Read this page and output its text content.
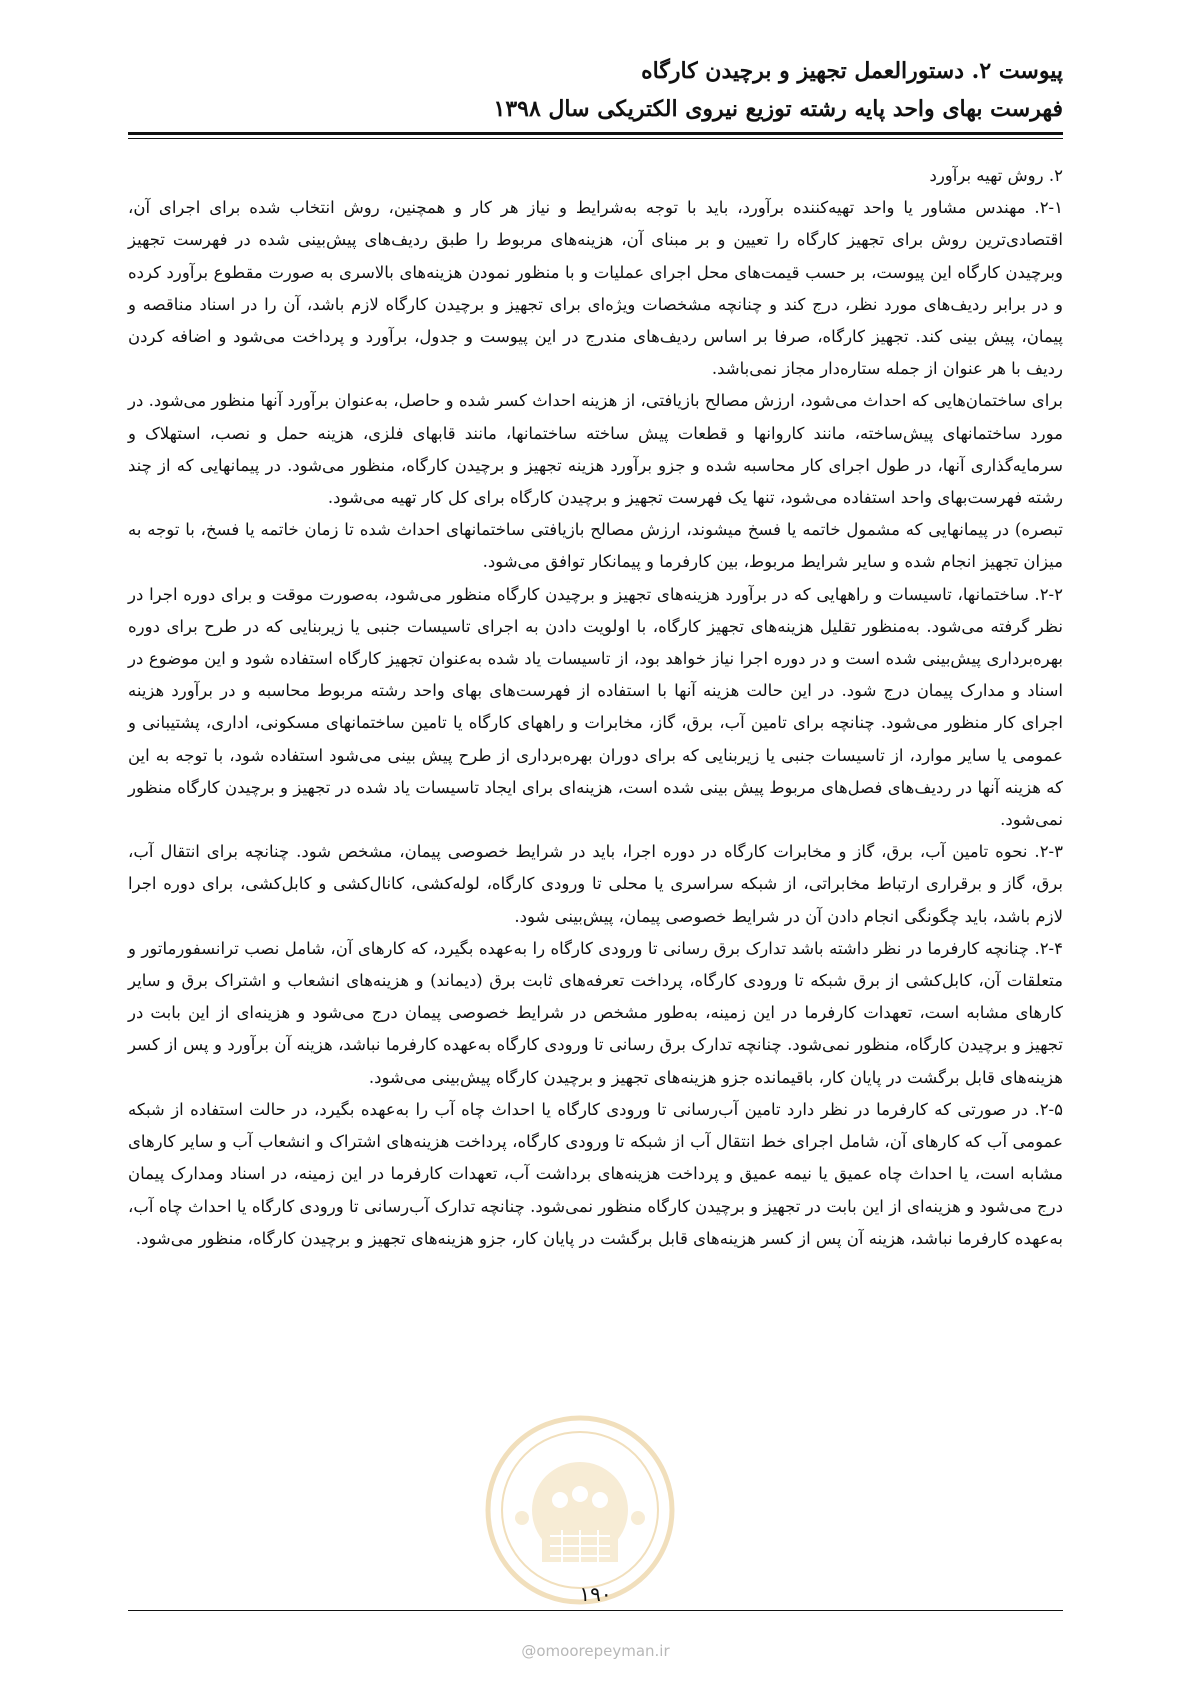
پیوست ۲. دستورالعمل تجهیز و برچیدن کارگاه
فهرست بهای واحد پایه رشته توزیع نیروی الکتریکی سال ۱۳۹۸

۲. روش تهیه برآورد

۲-۱. مهندس مشاور یا واحد تهیه‌کننده برآورد، باید با توجه به‌شرایط و نیاز هر کار و همچنین، روش انتخاب شده برای اجرای آن، اقتصادی‌ترین روش برای تجهیز کارگاه را تعیین و بر مبنای آن، هزینه‌های مربوط را طبق ردیف‌های پیش‌بینی شده در فهرست تجهیز وبرچیدن کارگاه این پیوست، بر حسب قیمت‌های محل اجرای عملیات و با منظور نمودن هزینه‌های بالاسری به صورت مقطوع برآورد کرده و در برابر ردیف‌های مورد نظر، درج کند و چنانچه مشخصات ویژه‌ای برای تجهیز و برچیدن کارگاه لازم باشد، آن را در اسناد مناقصه و پیمان، پیش بینی کند. تجهیز کارگاه، صرفا بر اساس ردیف‌های مندرج در این پیوست و جدول، برآورد و پرداخت می‌شود و اضافه کردن ردیف با هر عنوان از جمله ستاره‌دار مجاز نمی‌باشد.

برای ساختمان‌هایی که احداث می‌شود، ارزش مصالح بازیافتی، از هزینه احداث کسر شده و حاصل، به‌عنوان برآورد آنها منظور می‌شود. در مورد ساختمانهای پیش‌ساخته، مانند کاروانها و قطعات پیش ساخته ساختمانها، مانند قابهای فلزی، هزینه حمل و نصب، استهلاک و سرمایه‌گذاری آنها، در طول اجرای کار محاسبه شده و جزو برآورد هزینه تجهیز و برچیدن کارگاه، منظور می‌شود. در پیمانهایی که از چند رشته فهرست‌بهای واحد استفاده می‌شود، تنها یک فهرست تجهیز و برچیدن کارگاه برای کل کار تهیه می‌شود.

تبصره) در پیمانهایی که مشمول خاتمه یا فسخ میشوند، ارزش مصالح بازیافتی ساختمانهای احداث شده تا زمان خاتمه یا فسخ، با توجه به میزان تجهیز انجام شده و سایر شرایط مربوط، بین کارفرما و پیمانکار توافق می‌شود.

۲-۲. ساختمانها، تاسیسات و راههایی که در برآورد هزینه‌های تجهیز و برچیدن کارگاه منظور می‌شود، به‌صورت موقت و برای دوره اجرا در نظر گرفته می‌شود. به‌منظور تقلیل هزینه‌های تجهیز کارگاه، با اولویت دادن به اجرای تاسیسات جنبی یا زیربنایی که در طرح برای دوره بهره‌برداری پیش‌بینی شده است و در دوره اجرا نیاز خواهد بود، از تاسیسات یاد شده به‌عنوان تجهیز کارگاه استفاده شود و این موضوع در اسناد و مدارک پیمان درج شود. در این حالت هزینه آنها با استفاده از فهرست‌های بهای واحد رشته مربوط محاسبه و در برآورد هزینه اجرای کار منظور می‌شود. چنانچه برای تامین آب، برق، گاز، مخابرات و راههای کارگاه یا تامین ساختمانهای مسکونی، اداری، پشتیبانی و عمومی یا سایر موارد، از تاسیسات جنبی یا زیربنایی که برای دوران بهره‌برداری از طرح پیش بینی می‌شود استفاده شود، با توجه به این که هزینه آنها در ردیف‌های فصل‌های مربوط پیش بینی شده است، هزینه‌ای برای ایجاد تاسیسات یاد شده در تجهیز و برچیدن کارگاه منظور نمی‌شود.

۲-۳. نحوه تامین آب، برق، گاز و مخابرات کارگاه در دوره اجرا، باید در شرایط خصوصی پیمان، مشخص شود. چنانچه برای انتقال آب، برق، گاز و برقراری ارتباط مخابراتی، از شبکه سراسری یا محلی تا ورودی کارگاه، لوله‌کشی، کانال‌کشی و کابل‌کشی، برای دوره اجرا لازم باشد، باید چگونگی انجام دادن آن در شرایط خصوصی پیمان، پیش‌بینی شود.

۲-۴. چنانچه کارفرما در نظر داشته باشد تدارک برق رسانی تا ورودی کارگاه را به‌عهده بگیرد، که کارهای آن، شامل نصب ترانسفورماتور و متعلقات آن، کابل‌کشی از برق شبکه تا ورودی کارگاه، پرداخت تعرفه‌های ثابت برق (دیماند) و هزینه‌های انشعاب و اشتراک برق و سایر کارهای مشابه است، تعهدات کارفرما در این زمینه، به‌طور مشخص در شرایط خصوصی پیمان درج می‌شود و هزینه‌ای از این بابت در تجهیز و برچیدن کارگاه، منظور نمی‌شود. چنانچه تدارک برق رسانی تا ورودی کارگاه به‌عهده کارفرما نباشد، هزینه آن برآورد و پس از کسر هزینه‌های قابل برگشت در پایان کار، باقیمانده جزو هزینه‌های تجهیز و برچیدن کارگاه پیش‌بینی می‌شود.

۲-۵. در صورتی که کارفرما در نظر دارد تامین آب‌رسانی تا ورودی کارگاه یا احداث چاه آب را به‌عهده بگیرد، در حالت استفاده از شبکه عمومی آب که کارهای آن، شامل اجرای خط انتقال آب از شبکه تا ورودی کارگاه، پرداخت هزینه‌های اشتراک و انشعاب آب و سایر کارهای مشابه است، یا احداث چاه عمیق یا نیمه عمیق و پرداخت هزینه‌های برداشت آب، تعهدات کارفرما در این زمینه، در اسناد ومدارک پیمان درج می‌شود و هزینه‌ای از این بابت در تجهیز و برچیدن کارگاه منظور نمی‌شود. چنانچه تدارک آب‌رسانی تا ورودی کارگاه یا احداث چاه آب، به‌عهده کارفرما نباشد، هزینه آن پس از کسر هزینه‌های قابل برگشت در پایان کار، جزو هزینه‌های تجهیز و برچیدن کارگاه، منظور می‌شود.

۱۹۰
@omoorepeyman.ir
